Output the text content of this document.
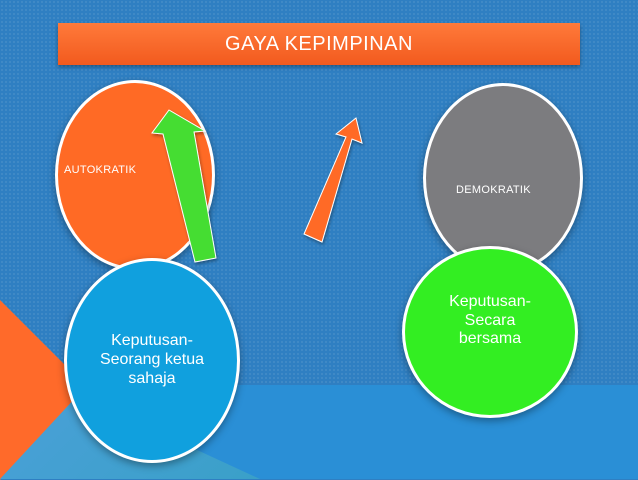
GAYA KEPIMPINAN
AUTOKRATIK
DEMOKRATIK
Keputusan-
Seorang ketua
sahaja
Keputusan-
Secara
bersama
